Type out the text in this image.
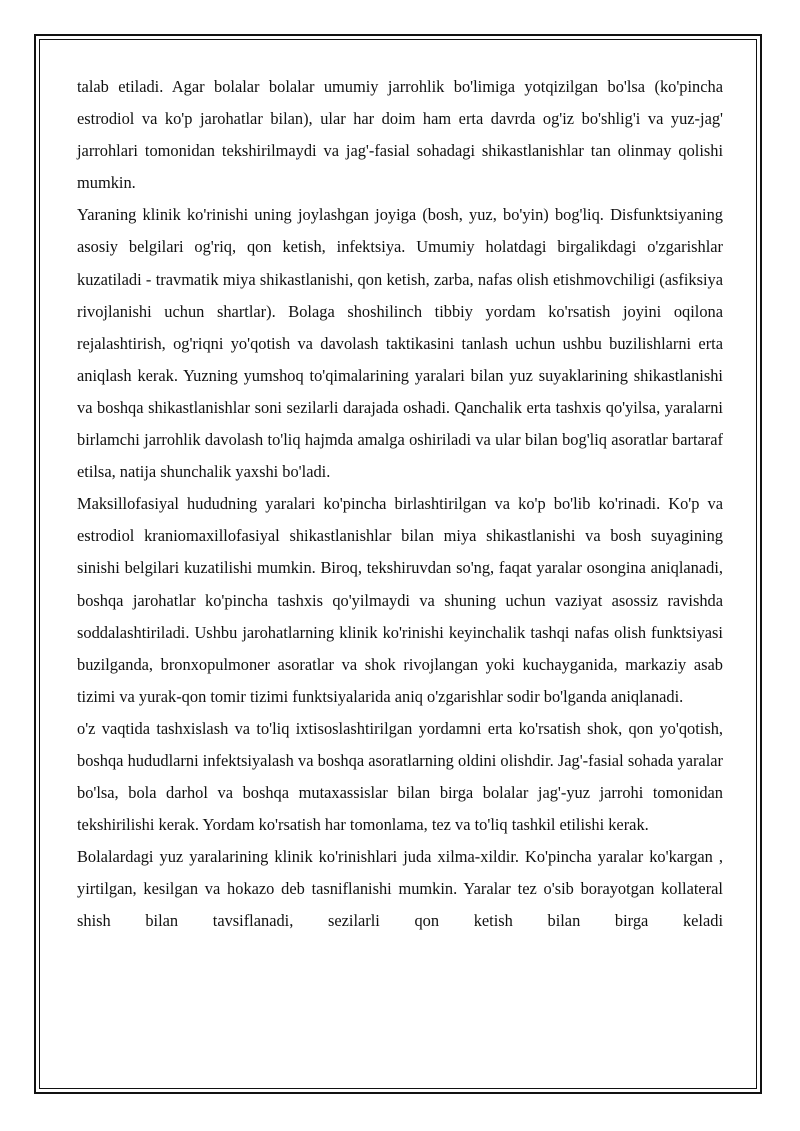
talab etiladi. Agar bolalar bolalar umumiy jarrohlik bo'limiga yotqizilgan bo'lsa (ko'pincha estrodiol va ko'p jarohatlar bilan), ular har doim ham erta davrda og'iz bo'shlig'i va yuz-jag' jarrohlari tomonidan tekshirilmaydi va jag'-fasial sohadagi shikastlanishlar tan olinmay qolishi mumkin.

Yaraning klinik ko'rinishi uning joylashgan joyiga (bosh, yuz, bo'yin) bog'liq. Disfunktsiyaning asosiy belgilari og'riq, qon ketish, infektsiya. Umumiy holatdagi birgalikdagi o'zgarishlar kuzatiladi - travmatik miya shikastlanishi, qon ketish, zarba, nafas olish etishmovchiligi (asfiksiya rivojlanishi uchun shartlar). Bolaga shoshilinch tibbiy yordam ko'rsatish joyini oqilona rejalashtirish, og'riqni yo'qotish va davolash taktikasini tanlash uchun ushbu buzilishlarni erta aniqlash kerak. Yuzning yumshoq to'qimalarining yaralari bilan yuz suyaklarining shikastlanishi va boshqa shikastlanishlar soni sezilarli darajada oshadi. Qanchalik erta tashxis qo'yilsa, yaralarni birlamchi jarrohlik davolash to'liq hajmda amalga oshiriladi va ular bilan bog'liq asoratlar bartaraf etilsa, natija shunchalik yaxshi bo'ladi.

Maksillofasiyal hududning yaralari ko'pincha birlashtirilgan va ko'p bo'lib ko'rinadi. Ko'p va estrodiol kraniomaxillofasiyal shikastlanishlar bilan miya shikastlanishi va bosh suyagining sinishi belgilari kuzatilishi mumkin. Biroq, tekshiruvdan so'ng, faqat yaralar osongina aniqlanadi, boshqa jarohatlar ko'pincha tashxis qo'yilmaydi va shuning uchun vaziyat asossiz ravishda soddalashtiriladi. Ushbu jarohatlarning klinik ko'rinishi keyinchalik tashqi nafas olish funktsiyasi buzilganda, bronxopulmoner asoratlar va shok rivojlangan yoki kuchayganida, markaziy asab tizimi va yurak-qon tomir tizimi funktsiyalarida aniq o'zgarishlar sodir bo'lganda aniqlanadi.

o'z vaqtida tashxislash va to'liq ixtisoslashtirilgan yordamni erta ko'rsatish shok, qon yo'qotish, boshqa hududlarni infektsiyalash va boshqa asoratlarning oldini olishdir. Jag'-fasial sohada yaralar bo'lsa, bola darhol va boshqa mutaxassislar bilan birga bolalar jag'-yuz jarrohi tomonidan tekshirilishi kerak. Yordam ko'rsatish har tomonlama, tez va to'liq tashkil etilishi kerak.

Bolalardagi yuz yaralarining klinik ko'rinishlari juda xilma-xildir. Ko'pincha yaralar ko'kargan , yirtilgan, kesilgan va hokazo deb tasniflanishi mumkin. Yaralar tez o'sib borayotgan kollateral shish bilan tavsiflanadi, sezilarli qon ketish bilan birga keladi
